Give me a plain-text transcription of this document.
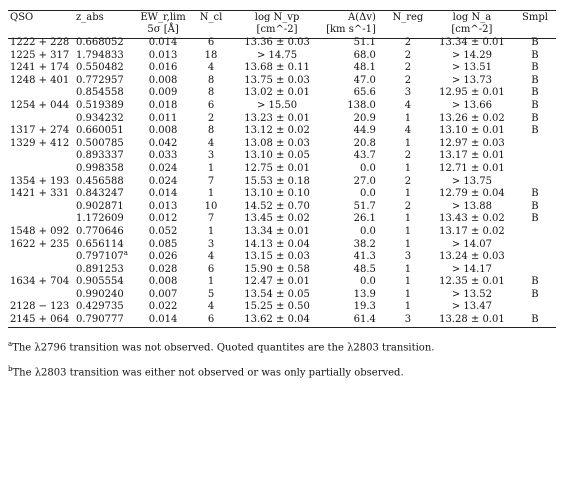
QSO	z_abs	EW_r,lim
5σ [Å]	N_cl	log N_vp
[cm^-2]	A(Δv)
[km s^-1]	N_reg	log N_a
[cm^-2]	Smpl
1222 + 228	0.668052	0.014	6	13.36 ± 0.03	51.1	2	13.34 ± 0.01	B
1225 + 317	1.794833	0.013	18	> 14.75	68.0	2	> 14.29	B
1241 + 174	0.550482	0.016	4	13.68 ± 0.11	48.1	2	> 13.51	B
1248 + 401	0.772957	0.008	8	13.75 ± 0.03	47.0	2	> 13.73	B
	0.854558	0.009	8	13.02 ± 0.01	65.6	3	12.95 ± 0.01	B
1254 + 044	0.519389	0.018	6	> 15.50	138.0	4	> 13.66	B
	0.934232	0.011	2	13.23 ± 0.01	20.9	1	13.26 ± 0.02	B
1317 + 274	0.660051	0.008	8	13.12 ± 0.02	44.9	4	13.10 ± 0.01	B
1329 + 412	0.500785	0.042	4	13.08 ± 0.03	20.8	1	12.97 ± 0.03	
	0.893337	0.033	3	13.10 ± 0.05	43.7	2	13.17 ± 0.01	
	0.998358	0.024	1	12.75 ± 0.01	0.0	1	12.71 ± 0.01	
1354 + 193	0.456588	0.024	7	15.53 ± 0.18	27.0	2	> 13.75	
1421 + 331	0.843247	0.014	1	13.10 ± 0.10	0.0	1	12.79 ± 0.04	B
	0.902871	0.013	10	14.52 ± 0.70	51.7	2	> 13.88	B
	1.172609	0.012	7	13.45 ± 0.02	26.1	1	13.43 ± 0.02	B
1548 + 092	0.770646	0.052	1	13.34 ± 0.01	0.0	1	13.17 ± 0.02	
1622 + 235	0.656114	0.085	3	14.13 ± 0.04	38.2	1	> 14.07	
	0.797107$^a$	0.026	4	13.15 ± 0.03	41.3	3	13.24 ± 0.03	
	0.891253	0.028	6	15.90 ± 0.58	48.5	1	> 14.17	
1634 + 704	0.905554	0.008	1	12.47 ± 0.01	0.0	1	12.35 ± 0.01	B
	0.990240	0.007	5	13.54 ± 0.05	13.9	1	> 13.52	B
2128 − 123	0.429735	0.022	4	15.25 ± 0.50	19.3	1	> 13.47	
2145 + 064	0.790777	0.014	6	13.62 ± 0.04	61.4	3	13.28 ± 0.01	B

$^a$The λ2796 transition was not observed. Quoted quantites are the λ2803 transition.

$^b$The λ2803 transition was either not observed or was only partially observed.
